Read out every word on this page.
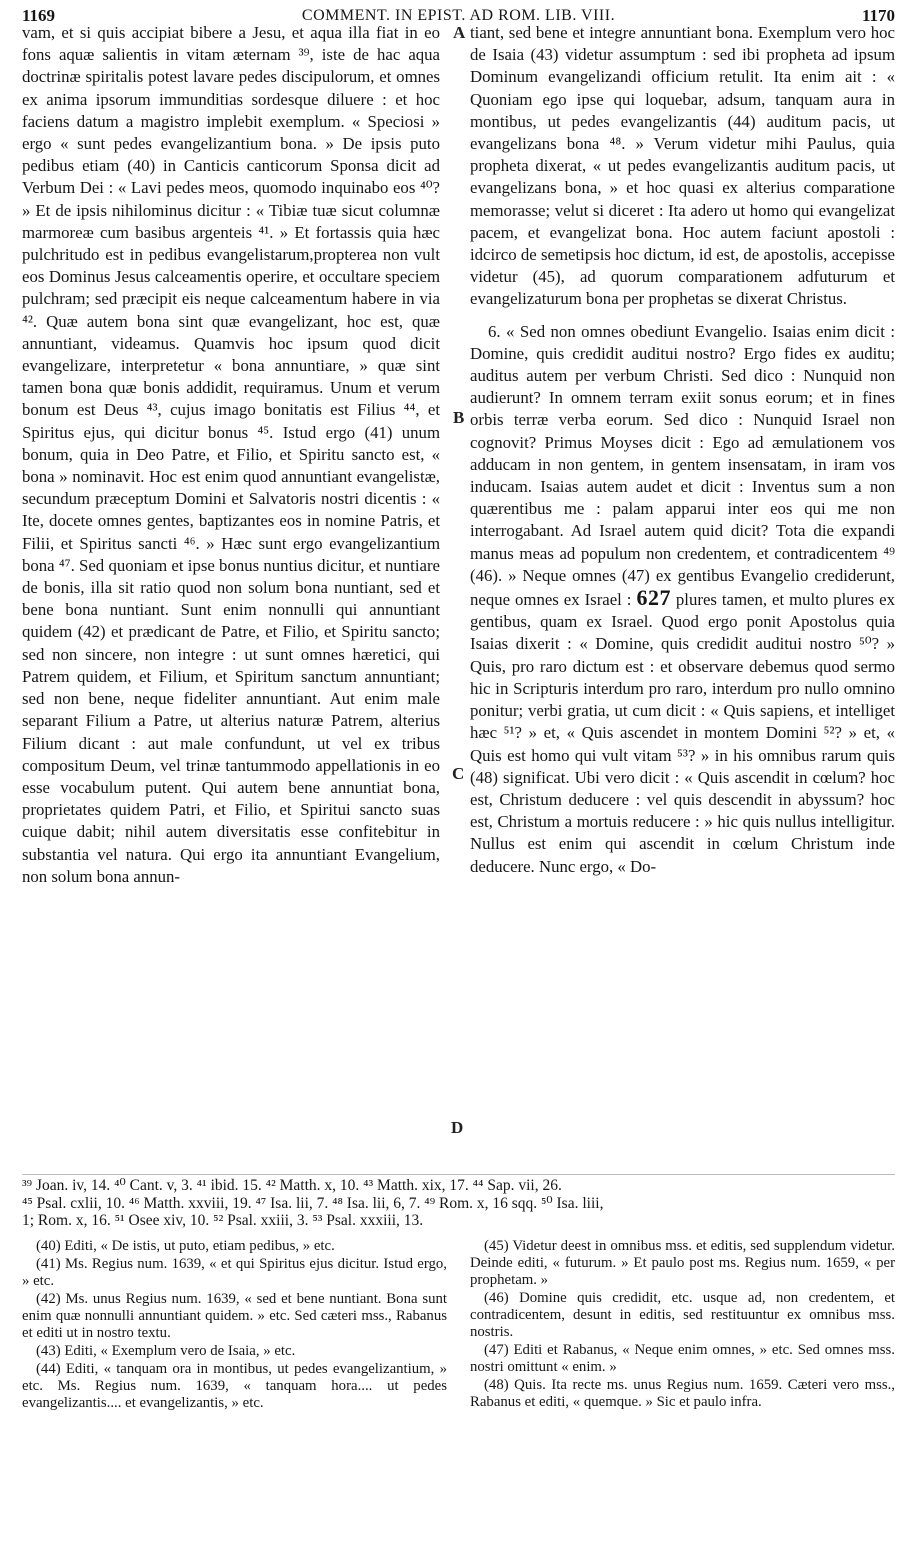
1169	COMMENT. IN EPIST. AD ROM. LIB. VIII.	1170

vam, et si quis accipiat bibere a Jesu, et aqua illa fiat in eo fons aquæ salientis in vitam æternam ³⁹, iste de hac aqua doctrinæ spiritalis potest lavare pedes discipulorum, et omnes ex anima ipsorum immunditias sordesque diluere : et hoc faciens datum a magistro implebit exemplum. « Speciosi » ergo « sunt pedes evangelizantium bona. » De ipsis puto pedibus etiam (40) in Canticis canticorum Sponsa dicit ad Verbum Dei : « Lavi pedes meos, quomodo inquinabo eos ⁴⁰? » Et de ipsis nihilominus dicitur : « Tibiæ tuæ sicut columnæ marmoreæ cum basibus argenteis ⁴¹. » Et fortassis quia hæc pulchritudo est in pedibus evangelistarum,propterea non vult eos Dominus Jesus calceamentis operire, et occultare speciem pulchram; sed præcipit eis neque calceamentum habere in via ⁴². Quæ autem bona sint quæ evangelizant, hoc est, quæ annuntiant, videamus. Quamvis hoc ipsum quod dicit evangelizare, interpretetur « bona annuntiare, » quæ sint tamen bona quæ bonis addidit, requiramus. Unum et verum bonum est Deus ⁴³, cujus imago bonitatis est Filius ⁴⁴, et Spiritus ejus, qui dicitur bonus ⁴⁵. Istud ergo (41) unum bonum, quia in Deo Patre, et Filio, et Spiritu sancto est, « bona » nominavit. Hoc est enim quod annuntiant evangelistæ, secundum præceptum Domini et Salvatoris nostri dicentis : « Ite, docete omnes gentes, baptizantes eos in nomine Patris, et Filii, et Spiritus sancti ⁴⁶. » Hæc sunt ergo evangelizantium bona ⁴⁷. Sed quoniam et ipse bonus nuntius dicitur, et nuntiare de bonis, illa sit ratio quod non solum bona nuntiant, sed et bene bona nuntiant. Sunt enim nonnulli qui annuntiant quidem (42) et prædicant de Patre, et Filio, et Spiritu sancto; sed non sincere, non integre : ut sunt omnes hæretici, qui Patrem quidem, et Filium, et Spiritum sanctum annuntiant; sed non bene, neque fideliter annuntiant. Aut enim male separant Filium a Patre, ut alterius naturæ Patrem, alterius Filium dicant : aut male confundunt, ut vel ex tribus compositum Deum, vel trinæ tantummodo appellationis in eo esse vocabulum putent. Qui autem bene annuntiat bona, proprietates quidem Patri, et Filio, et Spiritui sancto suas cuique dabit; nihil autem diversitatis esse confitebitur in substantia vel natura. Qui ergo ita annuntiant Evangelium, non solum bona annun-

A
B
C
D

tiant, sed bene et integre annuntiant bona. Exemplum vero hoc de Isaia (43) videtur assumptum : sed ibi propheta ad ipsum Dominum evangelizandi officium retulit. Ita enim ait : « Quoniam ego ipse qui loquebar, adsum, tanquam aura in montibus, ut pedes evangelizantis (44) auditum pacis, ut evangelizans bona ⁴⁸. » Verum videtur mihi Paulus, quia propheta dixerat, « ut pedes evangelizantis auditum pacis, ut evangelizans bona, » et hoc quasi ex alterius comparatione memorasse; velut si diceret : Ita adero ut homo qui evangelizat pacem, et evangelizat bona. Hoc autem faciunt apostoli : idcirco de semetipsis hoc dictum, id est, de apostolis, accepisse videtur (45), ad quorum comparationem adfuturum et evangelizaturum bona per prophetas se dixerat Christus.

6. « Sed non omnes obediunt Evangelio. Isaias enim dicit : Domine, quis credidit auditui nostro? Ergo fides ex auditu; auditus autem per verbum Christi. Sed dico : Nunquid non audierunt? In omnem terram exiit sonus eorum; et in fines orbis terræ verba eorum. Sed dico : Nunquid Israel non cognovit? Primus Moyses dicit : Ego ad æmulationem vos adducam in non gentem, in gentem insensatam, in iram vos inducam. Isaias autem audet et dicit : Inventus sum a non quærentibus me : palam apparui inter eos qui me non interrogabant. Ad Israel autem quid dicit? Tota die expandi manus meas ad populum non credentem, et contradicentem ⁴⁹ (46). » Neque omnes (47) ex gentibus Evangelio crediderunt, neque omnes ex Israel : 627 plures tamen, et multo plures ex gentibus, quam ex Israel. Quod ergo ponit Apostolus quia Isaias dixerit : « Domine, quis credidit auditui nostro ⁵⁰? » Quis, pro raro dictum est : et observare debemus quod sermo hic in Scripturis interdum pro raro, interdum pro nullo omnino ponitur; verbi gratia, ut cum dicit : « Quis sapiens, et intelliget hæc ⁵¹? » et, « Quis ascendet in montem Domini ⁵²? » et, « Quis est homo qui vult vitam ⁵³? » in his omnibus rarum quis (48) significat. Ubi vero dicit : « Quis ascendit in cœlum? hoc est, Christum deducere : vel quis descendit in abyssum? hoc est, Christum a mortuis reducere : » hic quis nullus intelligitur. Nullus est enim qui ascendit in cœlum Christum inde deducere. Nunc ergo, « Do-

³⁹ Joan. iv, 14. ⁴⁰ Cant. v, 3. ⁴¹ ibid. 15. ⁴² Matth. x, 10. ⁴³ Matth. xix, 17. ⁴⁴ Sap. vii, 26.
⁴⁵ Psal. cxlii, 10. ⁴⁶ Matth. xxviii, 19. ⁴⁷ Isa. lii, 7. ⁴⁸ Isa. lii, 6, 7. ⁴⁹ Rom. x, 16 sqq. ⁵⁰ Isa. liii,
1; Rom. x, 16. ⁵¹ Osee xiv, 10. ⁵² Psal. xxiii, 3. ⁵³ Psal. xxxiii, 13.

(40) Editi, « De istis, ut puto, etiam pedibus, » etc.

(41) Ms. Regius num. 1639, « et qui Spiritus ejus dicitur. Istud ergo, » etc.

(42) Ms. unus Regius num. 1639, « sed et bene nuntiant. Bona sunt enim quæ nonnulli annuntiant quidem. » etc. Sed cæteri mss., Rabanus et editi ut in nostro textu.

(43) Editi, « Exemplum vero de Isaia, » etc.

(44) Editi, « tanquam ora in montibus, ut pedes evangelizantium, » etc. Ms. Regius num. 1639, « tanquam hora.... ut pedes evangelizantis.... et evangelizantis, » etc.

(45) Videtur deest in omnibus mss. et editis, sed supplendum videtur. Deinde editi, « futurum. » Et paulo post ms. Regius num. 1659, « per prophetam. »

(46) Domine quis credidit, etc. usque ad, non credentem, et contradicentem, desunt in editis, sed restituuntur ex omnibus mss. nostris.

(47) Editi et Rabanus, « Neque enim omnes, » etc. Sed omnes mss. nostri omittunt « enim. »

(48) Quis. Ita recte ms. unus Regius num. 1659. Cæteri vero mss., Rabanus et editi, « quemque. » Sic et paulo infra.
